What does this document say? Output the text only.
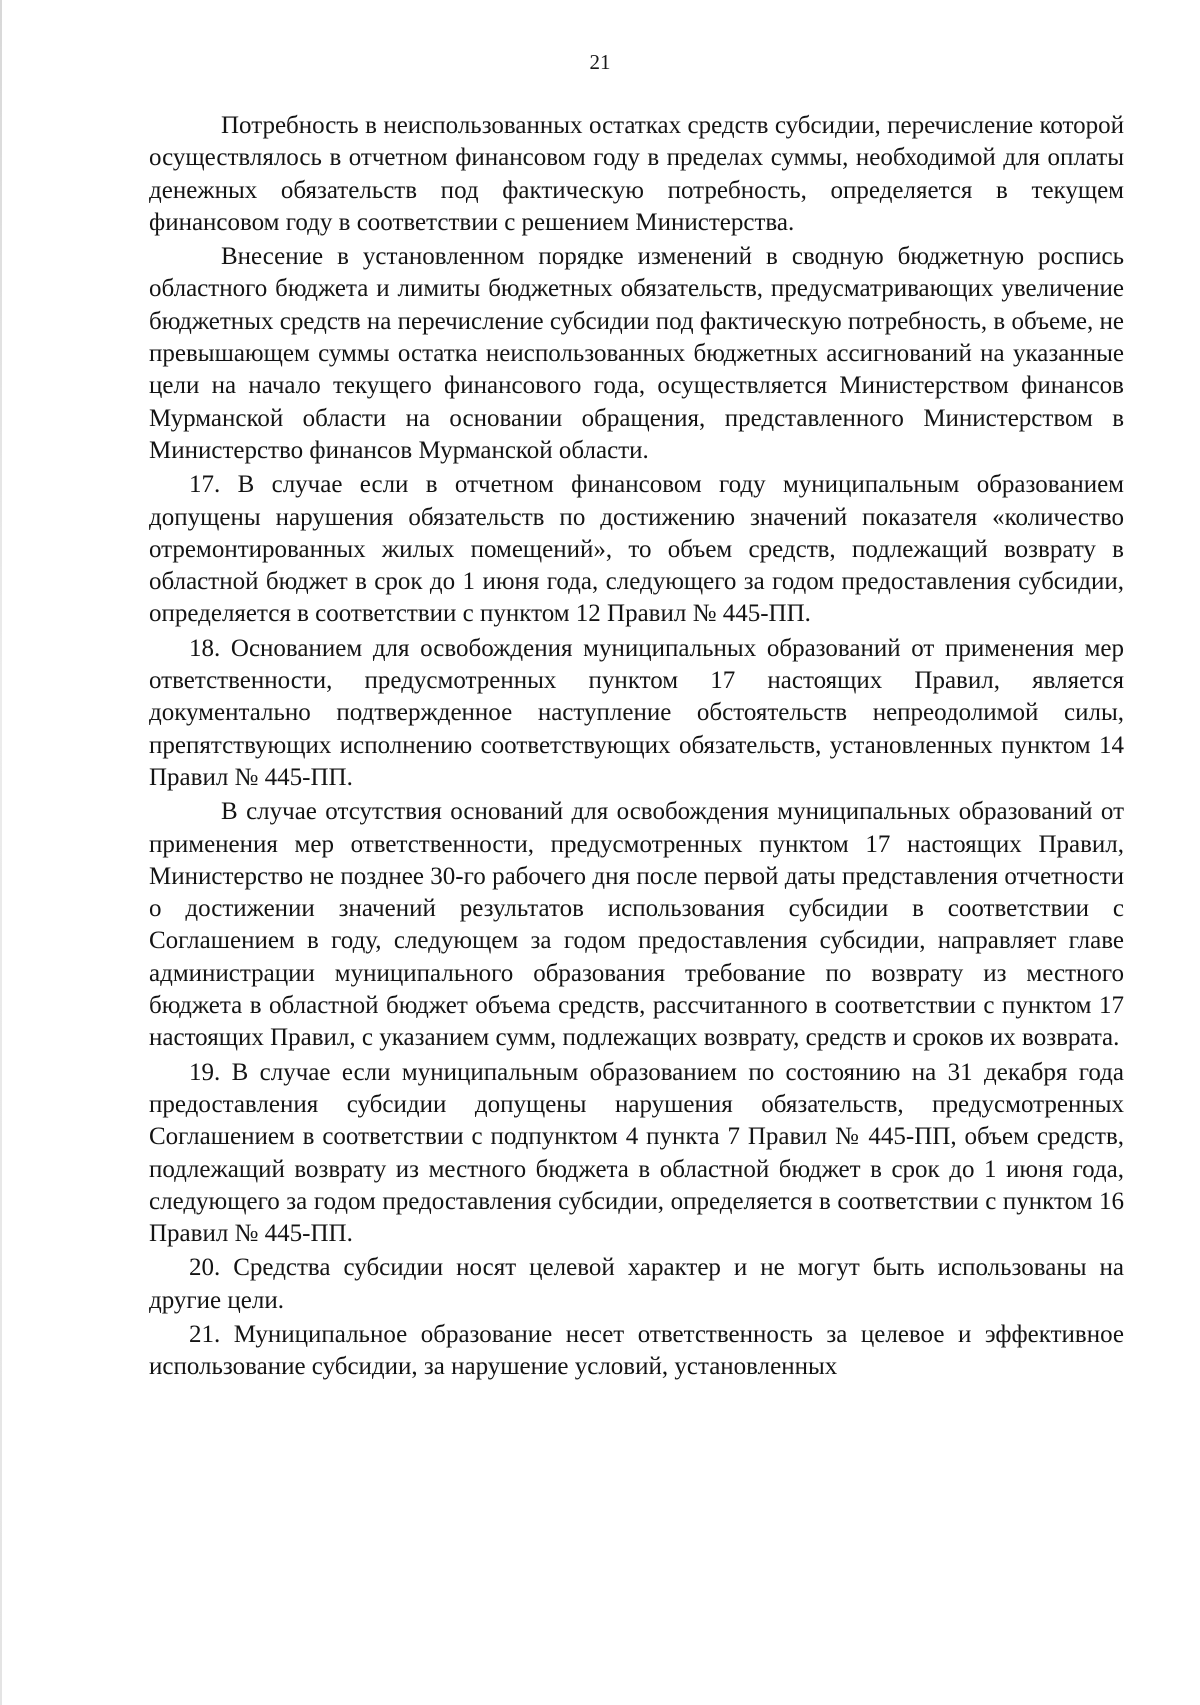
21

Потребность в неиспользованных остатках средств субсидии, перечисление которой осуществлялось в отчетном финансовом году в пределах суммы, необходимой для оплаты денежных обязательств под фактическую потребность, определяется в текущем финансовом году в соответствии с решением Министерства.

Внесение в установленном порядке изменений в сводную бюджетную роспись областного бюджета и лимиты бюджетных обязательств, предусматривающих увеличение бюджетных средств на перечисление субсидии под фактическую потребность, в объеме, не превышающем суммы остатка неиспользованных бюджетных ассигнований на указанные цели на начало текущего финансового года, осуществляется Министерством финансов Мурманской области на основании обращения, представленного Министерством в Министерство финансов Мурманской области.

17. В случае если в отчетном финансовом году муниципальным образованием допущены нарушения обязательств по достижению значений показателя «количество отремонтированных жилых помещений», то объем средств, подлежащий возврату в областной бюджет в срок до 1 июня года, следующего за годом предоставления субсидии, определяется в соответствии с пунктом 12 Правил № 445-ПП.

18. Основанием для освобождения муниципальных образований от применения мер ответственности, предусмотренных пунктом 17 настоящих Правил, является документально подтвержденное наступление обстоятельств непреодолимой силы, препятствующих исполнению соответствующих обязательств, установленных пунктом 14 Правил № 445-ПП.

В случае отсутствия оснований для освобождения муниципальных образований от применения мер ответственности, предусмотренных пунктом 17 настоящих Правил, Министерство не позднее 30-го рабочего дня после первой даты представления отчетности о достижении значений результатов использования субсидии в соответствии с Соглашением в году, следующем за годом предоставления субсидии, направляет главе администрации муниципального образования требование по возврату из местного бюджета в областной бюджет объема средств, рассчитанного в соответствии с пунктом 17 настоящих Правил, с указанием сумм, подлежащих возврату, средств и сроков их возврата.

19. В случае если муниципальным образованием по состоянию на 31 декабря года предоставления субсидии допущены нарушения обязательств, предусмотренных Соглашением в соответствии с подпунктом 4 пункта 7 Правил № 445-ПП, объем средств, подлежащий возврату из местного бюджета в областной бюджет в срок до 1 июня года, следующего за годом предоставления субсидии, определяется в соответствии с пунктом 16 Правил № 445-ПП.

20. Средства субсидии носят целевой характер и не могут быть использованы на другие цели.

21. Муниципальное образование несет ответственность за целевое и эффективное использование субсидии, за нарушение условий, установленных
